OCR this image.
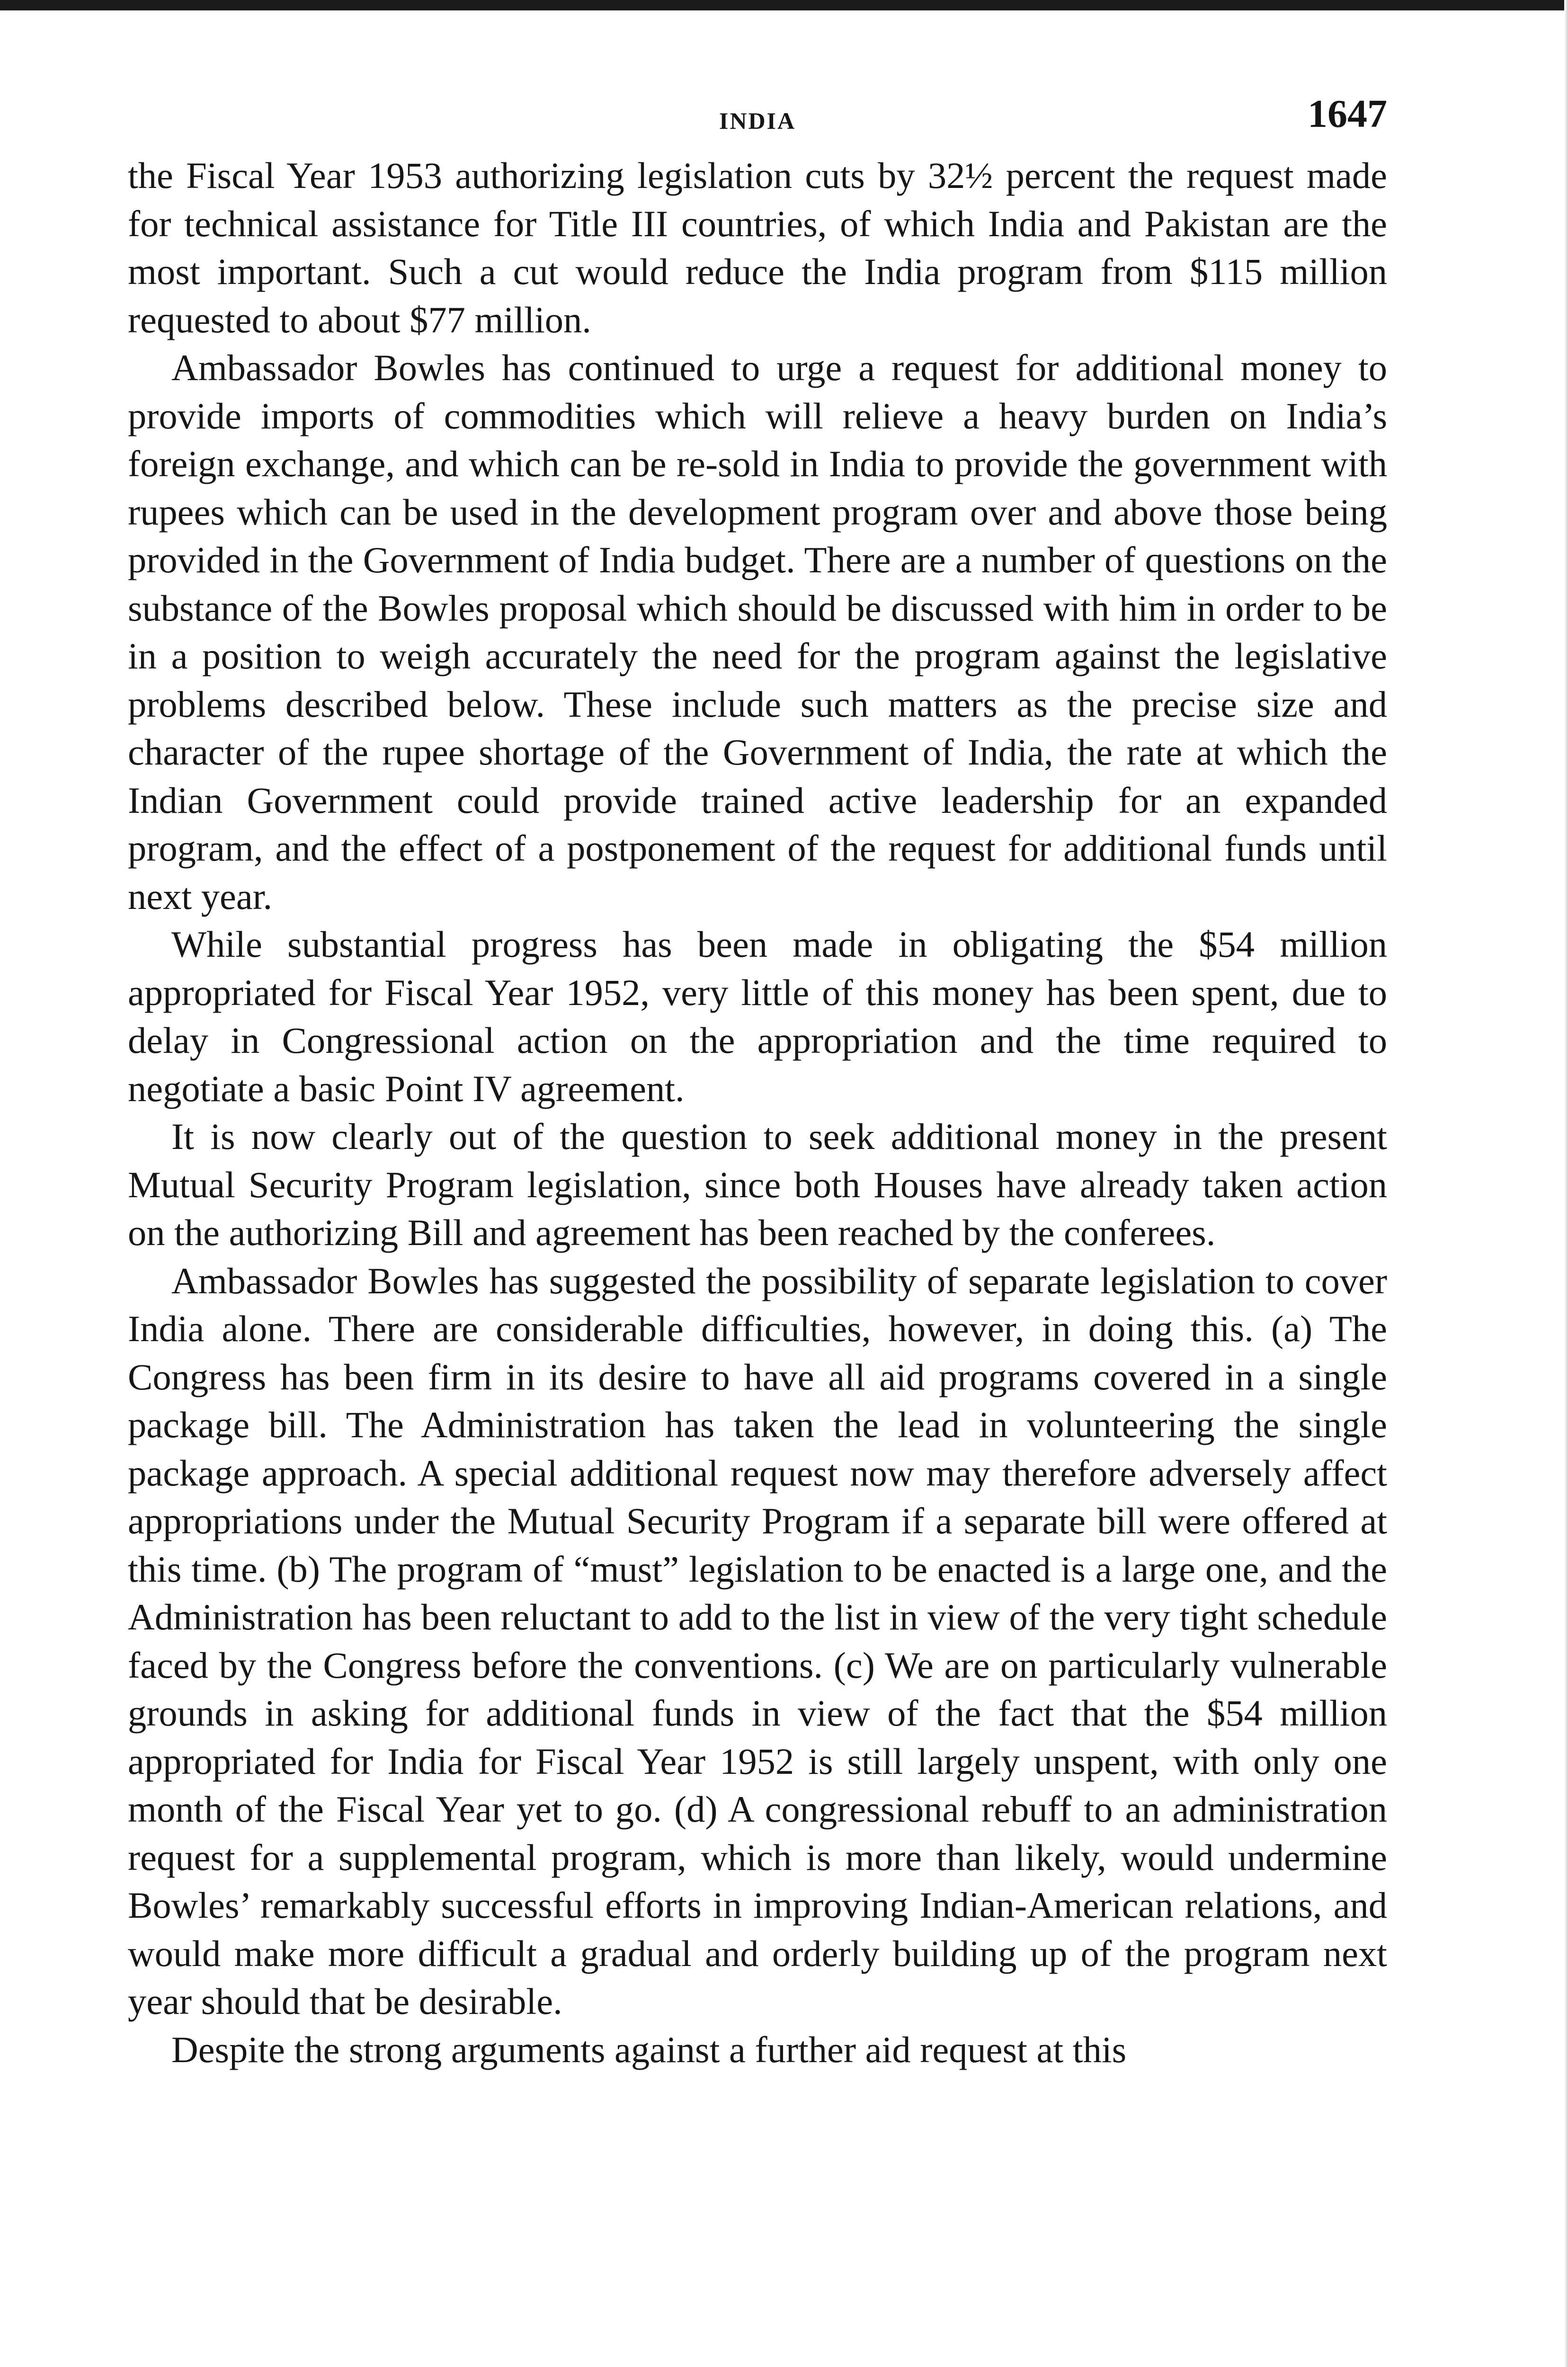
INDIA	1647

the Fiscal Year 1953 authorizing legislation cuts by 32½ percent the request made for technical assistance for Title III countries, of which India and Pakistan are the most important. Such a cut would reduce the India program from $115 million requested to about $77 million.

Ambassador Bowles has continued to urge a request for additional money to provide imports of commodities which will relieve a heavy burden on India’s foreign exchange, and which can be re-sold in India to provide the government with rupees which can be used in the development program over and above those being provided in the Government of India budget. There are a number of questions on the substance of the Bowles proposal which should be discussed with him in order to be in a position to weigh accurately the need for the program against the legislative problems described below. These include such matters as the precise size and character of the rupee shortage of the Government of India, the rate at which the Indian Government could provide trained active leadership for an expanded program, and the effect of a postponement of the request for additional funds until next year.

While substantial progress has been made in obligating the $54 million appropriated for Fiscal Year 1952, very little of this money has been spent, due to delay in Congressional action on the appropriation and the time required to negotiate a basic Point IV agreement.

It is now clearly out of the question to seek additional money in the present Mutual Security Program legislation, since both Houses have already taken action on the authorizing Bill and agreement has been reached by the conferees.

Ambassador Bowles has suggested the possibility of separate legislation to cover India alone. There are considerable difficulties, however, in doing this. (a) The Congress has been firm in its desire to have all aid programs covered in a single package bill. The Administration has taken the lead in volunteering the single package approach. A special additional request now may therefore adversely affect appropriations under the Mutual Security Program if a separate bill were offered at this time. (b) The program of “must” legislation to be enacted is a large one, and the Administration has been reluctant to add to the list in view of the very tight schedule faced by the Congress before the conventions. (c) We are on particularly vulnerable grounds in asking for additional funds in view of the fact that the $54 million appropriated for India for Fiscal Year 1952 is still largely unspent, with only one month of the Fiscal Year yet to go. (d) A congressional rebuff to an administration request for a supplemental program, which is more than likely, would undermine Bowles’ remarkably successful efforts in improving Indian-American relations, and would make more difficult a gradual and orderly building up of the program next year should that be desirable.

Despite the strong arguments against a further aid request at this
